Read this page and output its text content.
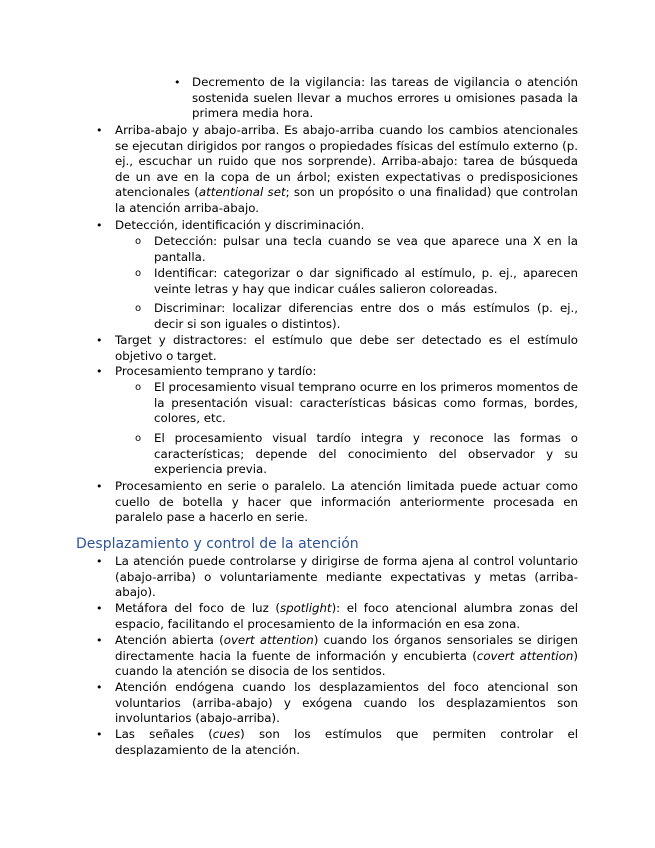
• Decremento de la vigilancia: las tareas de vigilancia o atención sostenida suelen llevar a muchos errores u omisiones pasada la primera media hora.

• Arriba-abajo y abajo-arriba. Es abajo-arriba cuando los cambios atencionales se ejecutan dirigidos por rangos o propiedades físicas del estímulo externo (p. ej., escuchar un ruido que nos sorprende). Arriba-abajo: tarea de búsqueda de un ave en la copa de un árbol; existen expectativas o predisposiciones atencionales (attentional set; son un propósito o una finalidad) que controlan la atención arriba-abajo.

• Detección, identificación y discriminación.

o Detección: pulsar una tecla cuando se vea que aparece una X en la pantalla.

o Identificar: categorizar o dar significado al estímulo, p. ej., aparecen veinte letras y hay que indicar cuáles salieron coloreadas.

o Discriminar: localizar diferencias entre dos o más estímulos (p. ej., decir si son iguales o distintos).

• Target y distractores: el estímulo que debe ser detectado es el estímulo objetivo o target.

• Procesamiento temprano y tardío:

o El procesamiento visual temprano ocurre en los primeros momentos de la presentación visual: características básicas como formas, bordes, colores, etc.

o El procesamiento visual tardío integra y reconoce las formas o características; depende del conocimiento del observador y su experiencia previa.

• Procesamiento en serie o paralelo. La atención limitada puede actuar como cuello de botella y hacer que información anteriormente procesada en paralelo pase a hacerlo en serie.

Desplazamiento y control de la atención
• La atención puede controlarse y dirigirse de forma ajena al control voluntario (abajo-arriba) o voluntariamente mediante expectativas y metas (arriba-abajo).

• Metáfora del foco de luz (spotlight): el foco atencional alumbra zonas del espacio, facilitando el procesamiento de la información en esa zona.

• Atención abierta (overt attention) cuando los órganos sensoriales se dirigen directamente hacia la fuente de información y encubierta (covert attention) cuando la atención se disocia de los sentidos.

• Atención endógena cuando los desplazamientos del foco atencional son voluntarios (arriba-abajo) y exógena cuando los desplazamientos son involuntarios (abajo-arriba).

• Las señales (cues) son los estímulos que permiten controlar el desplazamiento de la atención.
